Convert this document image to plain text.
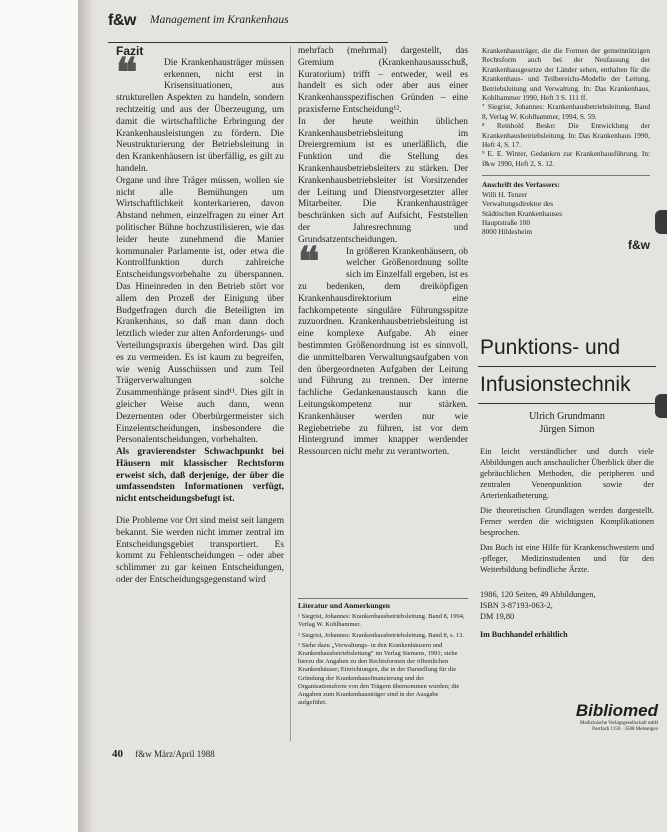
f&w Management im Krankenhaus

Fazit

❝	Die Krankenhausträger müssen erkennen, nicht erst in Krisensituationen, aus strukturellen Aspekten zu handeln, sondern rechtzeitig und aus der Überzeugung, um damit die wirtschaftliche Erbringung der Krankenhausleistungen zu fördern. Die Neustrukturierung der Betriebsleitung in den Krankenhäusern ist überfällig, es gilt zu handeln.

Organe und ihre Träger müssen, wollen sie nicht alle Bemühungen um Wirtschaftlichkeit konterkarieren, davon Abstand nehmen, einzelfragen zu einer Art politischer Bühne hochzustilisieren, wie das leider heute zunehmend die Manier kommunaler Parlamente ist, oder etwa die Kontrollfunktion durch zahlreiche Entscheidungsvorbehalte zu überspannen. Das Hineinreden in den Betrieb stört vor allem den Prozeß der Einigung über Budgetfragen durch die Beteiligten im Krankenhaus, so daß man dann doch letztlich wieder zur alten Anforderungs- und Verteilungspraxis übergehen wird. Das gilt es zu vermeiden. Es ist kaum zu begreifen, wie wenig Ausschüssen und zum Teil Trägerverwaltungen solche Zusammenhänge präsent sind¹¹. Dies gilt in gleicher Weise auch dann, wenn Dezernenten oder Oberbürgermeister sich Einzelentscheidungen, insbesondere die Personalentscheidungen, vorbehalten.

Als gravierendster Schwachpunkt bei Häusern mit klassischer Rechtsform erweist sich, daß derjenige, der über die umfassendsten Informationen verfügt, nicht entscheidungsbefugt ist.

Die Probleme vor Ort sind meist seit langem bekannt. Sie werden nicht immer zentral im Entscheidungsgebiet transportiert. Es kommt zu Fehlentscheidungen – oder aber schlimmer zu gar keinen Entscheidungen, oder der Entscheidungsgegenstand wird

mehrfach (mehrmal) dargestellt, das Gremium (Krankenhausausschuß, Kuratorium) trifft – entweder, weil es handelt es sich oder aber aus einer Krankenhausspezifischen Gründen – eine praxisferne Entscheidung¹².

In der heute weithin üblichen Krankenhausbetriebsleitung im Dreiergremium ist es unerläßlich, die Funktion und die Stellung des Krankenhausbetriebsleiters zu stärken. Der Krankenhausbetriebsleiter ist Vorsitzender der Leitung und Dienstvorgesetzter aller Mitarbeiter. Die Krankenhausträger beschränken sich auf Aufsicht, Feststellen der Jahresrechnung und Grundsatzentscheidungen.

❝	In größeren Krankenhäusern, ob welcher Größenordnung sollte sich im Einzelfall ergeben, ist es zu bedenken, dem dreiköpfigen Krankenhausdirektorium eine fachkompetente singuläre Führungsspitze zuzuordnen. Krankenhausbetriebsleitung ist eine komplexe Aufgabe. Ab einer bestimmten Größenordnung ist es sinnvoll, die unmittelbaren Verwaltungsaufgaben von den übergeordneten Aufgaben der Leitung und Führung zu trennen. Der interne fachliche Gedankenaustausch kann die Leitungskompetenz nur stärken. Krankenhäuser werden nur wie Regiebetriebe zu führen, ist vor dem Hintergrund immer knapper werdender Ressourcen nicht mehr zu verantworten.

Literatur und Anmerkungen
¹ Siegrist, Johannes: Krankenhausbetriebsleitung. Band 8, 1994, Verlag W. Kohlhammer.
² Siegrist, Johannes: Krankenhausbetriebsleitung. Band 8, s. 13.
³ Siehe dazu „Verwaltungs- in den Krankenhäusern und Krankenhausbetriebsleitung“ im Verlag Siemens, 1991; siehe hierzu die Angaben zu den Rechtsformen der öffentlichen Krankenhäuser; Einrichtungen, die in der Darstellung für die Gründung der Krankenhausfinanzierung und der Organisationsform von den Trägern übernommen wurden; die Angaben zum Krankenhausträger sind in der Ausgabe aufgeführt.

Krankenhausträger, die die Formen der gemeinnützigen Rechtsform auch bei der Neufassung der Krankenhausgesetze der Länder sehen, enthalten für die Krankenhaus- und Teilbereichs-Modelle der Leitung, Betriebsleitung und Verwaltung. In: Das Krankenhaus, Kohlhammer 1990, Heft 3 S. 111 ff.

⁷ Siegrist, Johannes: Krankenhausbetriebsleitung, Band 8, Verlag W. Kohlhammer, 1994, S. 59.

⁸ Reinhold Beske: Die Entwicklung der Krankenhausbetriebsleitung. In: Das Krankenhaus 1990, Heft 4, S. 17.

⁹ E. E. Winter, Gedanken zur Krankenhausführung. In: f&w 1990, Heft 2, S. 12.

Anschrift des Verfassers:
Willi H. Tenzer
Verwaltungsdirektor des
Städtischen Krankenhauses
Hauptstraße 100
8000 Hildesheim
f&w
Punktions- und
Infusionstechnik
Ulrich Grundmann
Jürgen Simon

Ein leicht verständlicher und durch viele Abbildungen auch anschaulicher Überblick über die gebräuchlichen Methoden, die peripheren und zentralen Venenpunktion sowie der Arterienkatheterung.

Die theoretischen Grundlagen werden dargestellt. Ferner werden die wichtigsten Komplikationen besprochen.

Das Buch ist eine Hilfe für Krankenschwestern und -pfleger, Medizinstudenten und für den Weiterbildung befindliche Ärzte.

1986, 120 Seiten, 49 Abbildungen,
ISBN 3-87193-063-2,
DM 19,80
Im Buchhandel erhältlich
Bibliomed
Medizinische Verlagsgesellschaft mbH
Postfach 1150 · 3508 Melsungen
40 f&w März/April 1988
